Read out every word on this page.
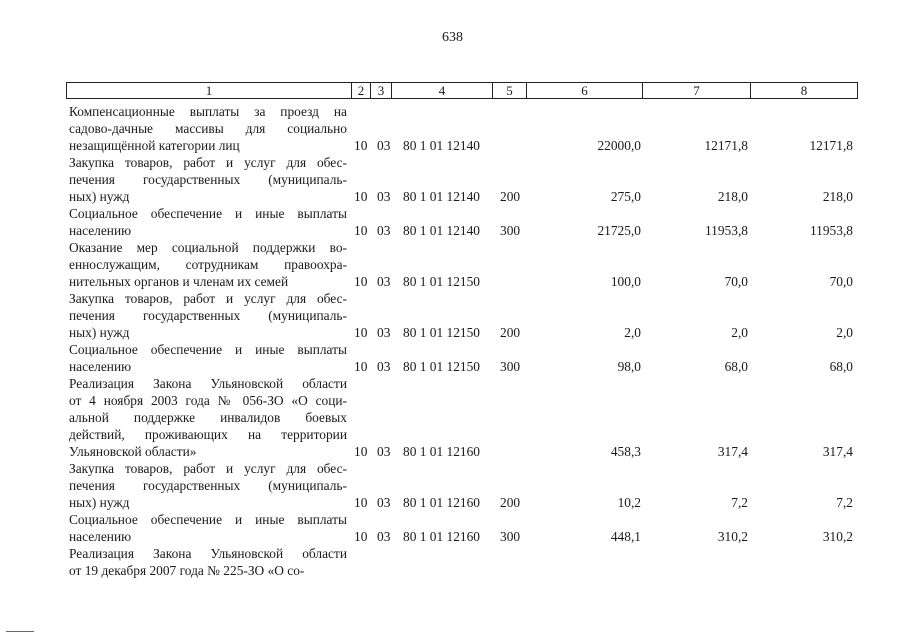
638
1	2	3	4	5	6	7	8
Компенсационные выплаты за проезд на
садово-дачные массивы для социально
незащищённой категории лиц	10 03 80 1 01 12140	22000,0	12171,8	12171,8
Закупка товаров, работ и услуг для обес-
печения государственных (муниципаль-
ных) нужд	10 03 80 1 01 12140 200	275,0	218,0	218,0
Социальное обеспечение и иные выплаты
населению	10 03 80 1 01 12140 300	21725,0	11953,8	11953,8
Оказание мер социальной поддержки во-
еннослужащим, сотрудникам правоохра-
нительных органов и членам их семей	10 03 80 1 01 12150	100,0	70,0	70,0
Закупка товаров, работ и услуг для обес-
печения государственных (муниципаль-
ных) нужд	10 03 80 1 01 12150 200	2,0	2,0	2,0
Социальное обеспечение и иные выплаты
населению	10 03 80 1 01 12150 300	98,0	68,0	68,0
Реализация Закона Ульяновской области
от 4 ноября 2003 года № 056-ЗО «О соци-
альной поддержке инвалидов боевых
действий, проживающих на территории
Ульяновской области»	10 03 80 1 01 12160	458,3	317,4	317,4
Закупка товаров, работ и услуг для обес-
печения государственных (муниципаль-
ных) нужд	10 03 80 1 01 12160 200	10,2	7,2	7,2
Социальное обеспечение и иные выплаты
населению	10 03 80 1 01 12160 300	448,1	310,2	310,2
Реализация Закона Ульяновской области
от 19 декабря 2007 года № 225-ЗО «О со-
